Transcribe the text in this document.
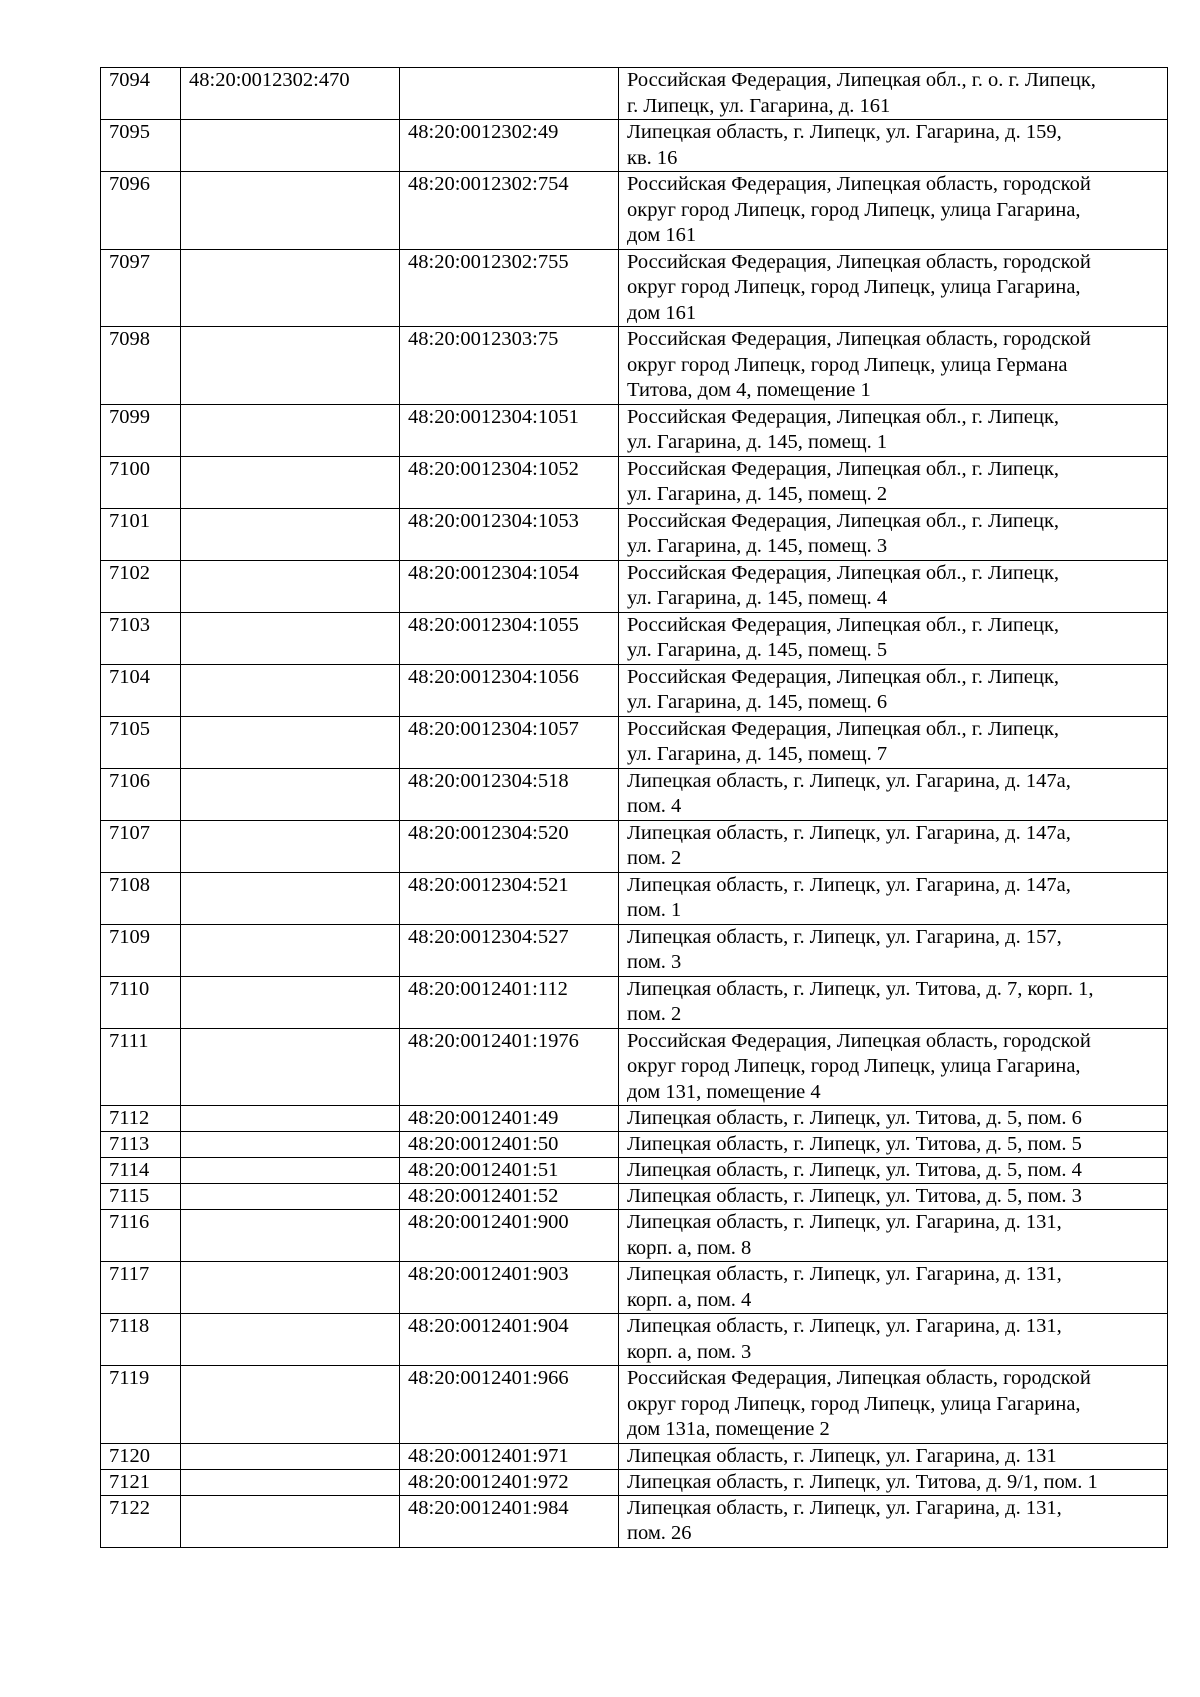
7094	48:20:0012302:470		Российская Федерация, Липецкая обл., г. о. г. Липецк,
г. Липецк, ул. Гагарина, д. 161

7095		48:20:0012302:49	Липецкая область, г. Липецк, ул. Гагарина, д. 159,
кв. 16

7096		48:20:0012302:754	Российская Федерация, Липецкая область, городской
округ город Липецк, город Липецк, улица Гагарина,
дом 161

7097		48:20:0012302:755	Российская Федерация, Липецкая область, городской
округ город Липецк, город Липецк, улица Гагарина,
дом 161

7098		48:20:0012303:75	Российская Федерация, Липецкая область, городской
округ город Липецк, город Липецк, улица Германа
Титова, дом 4, помещение 1

7099		48:20:0012304:1051	Российская Федерация, Липецкая обл., г. Липецк,
ул. Гагарина, д. 145, помещ. 1

7100		48:20:0012304:1052	Российская Федерация, Липецкая обл., г. Липецк,
ул. Гагарина, д. 145, помещ. 2

7101		48:20:0012304:1053	Российская Федерация, Липецкая обл., г. Липецк,
ул. Гагарина, д. 145, помещ. 3

7102		48:20:0012304:1054	Российская Федерация, Липецкая обл., г. Липецк,
ул. Гагарина, д. 145, помещ. 4

7103		48:20:0012304:1055	Российская Федерация, Липецкая обл., г. Липецк,
ул. Гагарина, д. 145, помещ. 5

7104		48:20:0012304:1056	Российская Федерация, Липецкая обл., г. Липецк,
ул. Гагарина, д. 145, помещ. 6

7105		48:20:0012304:1057	Российская Федерация, Липецкая обл., г. Липецк,
ул. Гагарина, д. 145, помещ. 7

7106		48:20:0012304:518	Липецкая область, г. Липецк, ул. Гагарина, д. 147а,
пом. 4

7107		48:20:0012304:520	Липецкая область, г. Липецк, ул. Гагарина, д. 147а,
пом. 2

7108		48:20:0012304:521	Липецкая область, г. Липецк, ул. Гагарина, д. 147а,
пом. 1

7109		48:20:0012304:527	Липецкая область, г. Липецк, ул. Гагарина, д. 157,
пом. 3

7110		48:20:0012401:112	Липецкая область, г. Липецк, ул. Титова, д. 7, корп. 1,
пом. 2

7111		48:20:0012401:1976	Российская Федерация, Липецкая область, городской
округ город Липецк, город Липецк, улица Гагарина,
дом 131, помещение 4

7112		48:20:0012401:49	Липецкая область, г. Липецк, ул. Титова, д. 5, пом. 6

7113		48:20:0012401:50	Липецкая область, г. Липецк, ул. Титова, д. 5, пом. 5

7114		48:20:0012401:51	Липецкая область, г. Липецк, ул. Титова, д. 5, пом. 4

7115		48:20:0012401:52	Липецкая область, г. Липецк, ул. Титова, д. 5, пом. 3

7116		48:20:0012401:900	Липецкая область, г. Липецк, ул. Гагарина, д. 131,
корп. а, пом. 8

7117		48:20:0012401:903	Липецкая область, г. Липецк, ул. Гагарина, д. 131,
корп. а, пом. 4

7118		48:20:0012401:904	Липецкая область, г. Липецк, ул. Гагарина, д. 131,
корп. а, пом. 3

7119		48:20:0012401:966	Российская Федерация, Липецкая область, городской
округ город Липецк, город Липецк, улица Гагарина,
дом 131а, помещение 2

7120		48:20:0012401:971	Липецкая область, г. Липецк, ул. Гагарина, д. 131

7121		48:20:0012401:972	Липецкая область, г. Липецк, ул. Титова, д. 9/1, пом. 1

7122		48:20:0012401:984	Липецкая область, г. Липецк, ул. Гагарина, д. 131,
пом. 26
